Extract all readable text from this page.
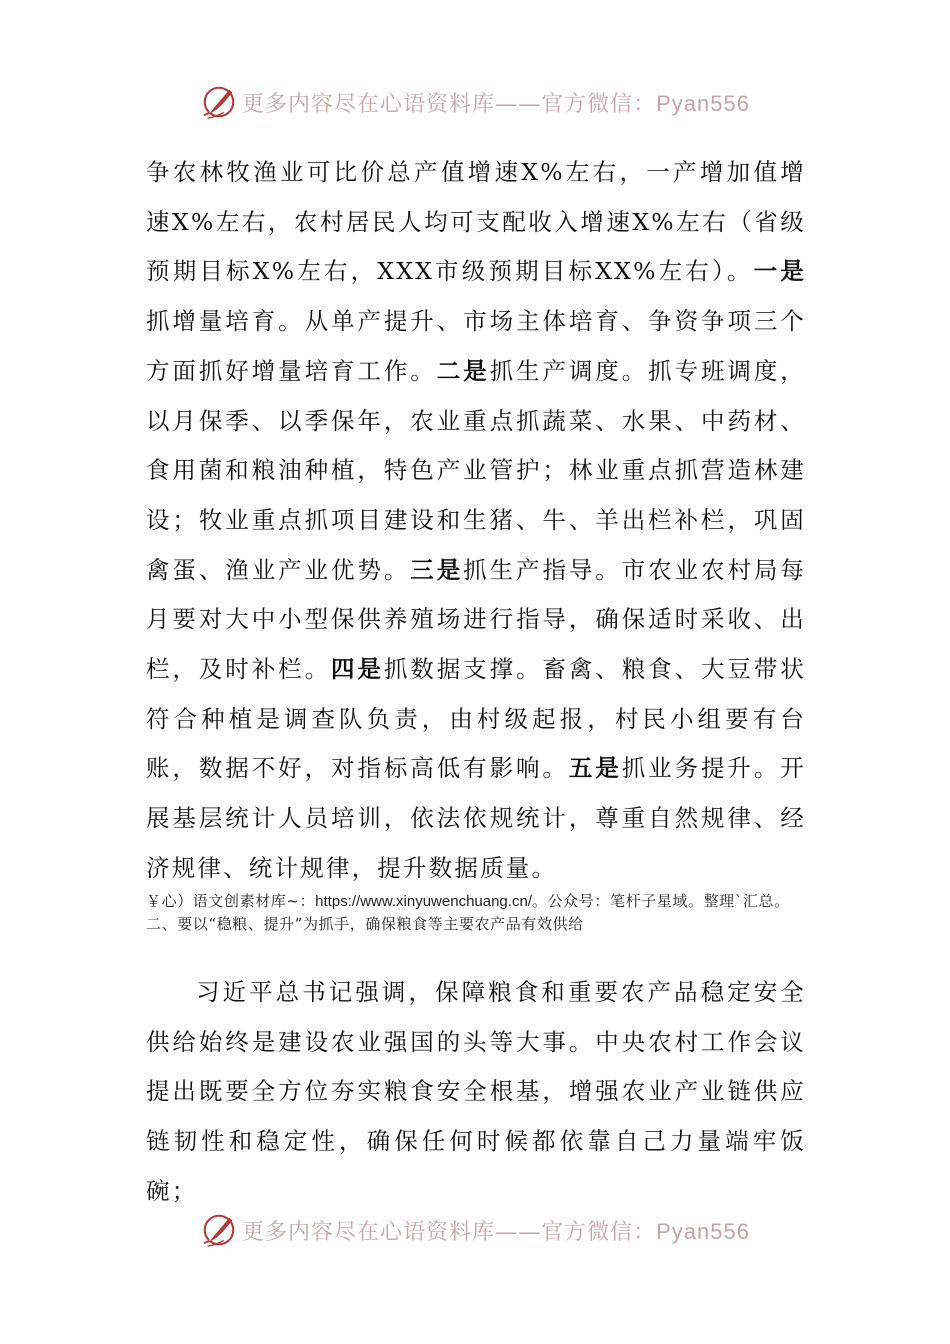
更多内容尽在心语资料库——官方微信：Pyan556
争农林牧渔业可比价总产值增速X%左右，一产增加值增速X%左右，农村居民人均可支配收入增速X%左右（省级预期目标X%左右，XXX市级预期目标XX%左右）。一是抓增量培育。从单产提升、市场主体培育、争资争项三个方面抓好增量培育工作。二是抓生产调度。抓专班调度，以月保季、以季保年，农业重点抓蔬菜、水果、中药材、食用菌和粮油种植，特色产业管护；林业重点抓营造林建设；牧业重点抓项目建设和生猪、牛、羊出栏补栏，巩固禽蛋、渔业产业优势。三是抓生产指导。市农业农村局每月要对大中小型保供养殖场进行指导，确保适时采收、出栏，及时补栏。四是抓数据支撑。畜禽、粮食、大豆带状符合种植是调查队负责，由村级起报，村民小组要有台账，数据不好，对指标高低有影响。五是抓业务提升。开展基层统计人员培训，依法依规统计，尊重自然规律、经济规律、统计规律，提升数据质量。
￥心）语文创素材库~：https://www.xinyuwenchuang.cn/。公众号：笔杆子星域。整理`汇总。二、要以“稳粮、提升”为抓手，确保粮食等主要农产品有效供给
习近平总书记强调，保障粮食和重要农产品稳定安全供给始终是建设农业强国的头等大事。中央农村工作会议提出既要全方位夯实粮食安全根基，增强农业产业链供应链韧性和稳定性，确保任何时候都依靠自己力量端牢饭碗；
更多内容尽在心语资料库——官方微信：Pyan556
